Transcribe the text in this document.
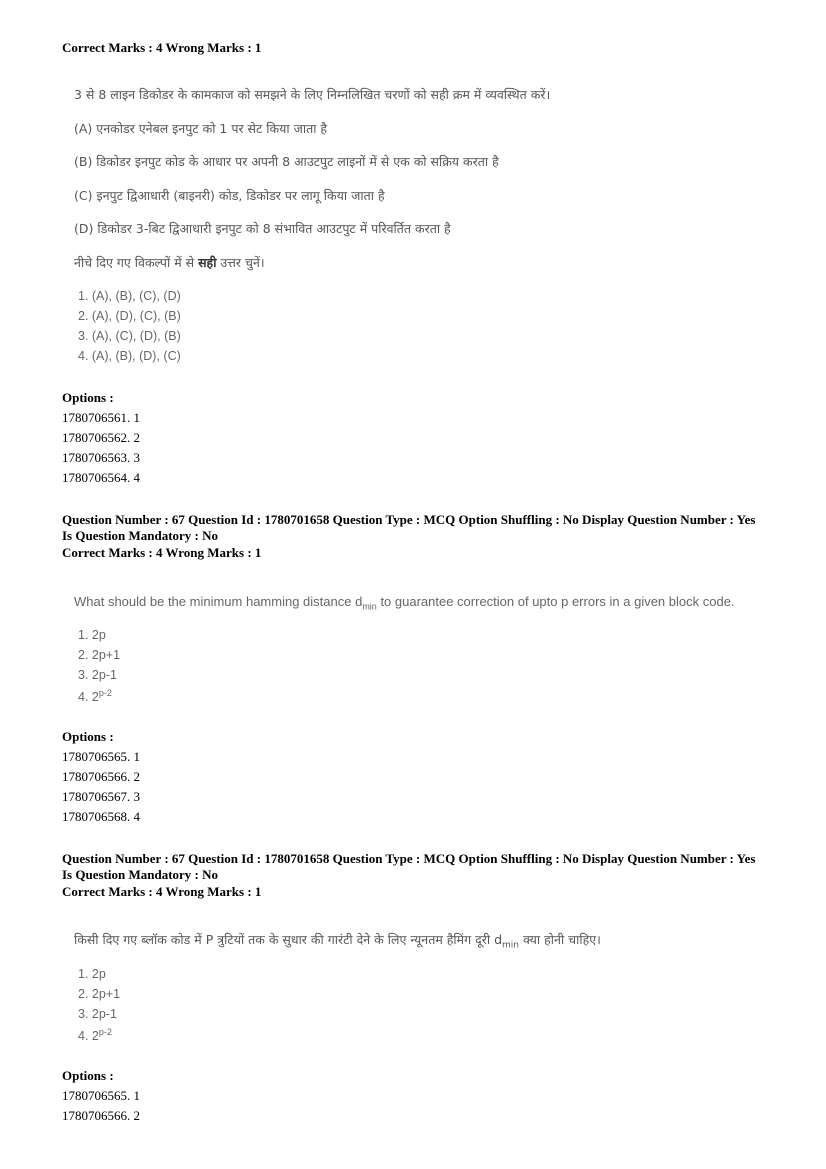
Correct Marks : 4 Wrong Marks : 1
3 से 8 लाइन डिकोडर के कामकाज को समझने के लिए निम्नलिखित चरणों को सही क्रम में व्यवस्थित करें।
(A) एनकोडर एनेबल इनपुट को 1 पर सेट किया जाता है
(B) डिकोडर इनपुट कोड के आधार पर अपनी 8 आउटपुट लाइनों में से एक को सक्रिय करता है
(C) इनपुट द्विआधारी (बाइनरी) कोड, डिकोडर पर लागू किया जाता है
(D) डिकोडर 3-बिट द्विआधारी इनपुट को 8 संभावित आउटपुट में परिवर्तित करता है
नीचे दिए गए विकल्पों में से सही उत्तर चुनें।
1. (A), (B), (C), (D)
2. (A), (D), (C), (B)
3. (A), (C), (D), (B)
4. (A), (B), (D), (C)
Options :
1780706561. 1
1780706562. 2
1780706563. 3
1780706564. 4
Question Number : 67 Question Id : 1780701658 Question Type : MCQ Option Shuffling : No Display Question Number : Yes
Is Question Mandatory : No
Correct Marks : 4 Wrong Marks : 1
What should be the minimum hamming distance $d_{min}$ to guarantee correction of upto p errors in a given block code.
1. 2p
2. 2p+1
3. 2p-1
4. 2$^{p-2}$
Options :
1780706565. 1
1780706566. 2
1780706567. 3
1780706568. 4
Question Number : 67 Question Id : 1780701658 Question Type : MCQ Option Shuffling : No Display Question Number : Yes
Is Question Mandatory : No
Correct Marks : 4 Wrong Marks : 1
किसी दिए गए ब्लॉक कोड में P त्रुटियों तक के सुधार की गारंटी देने के लिए न्यूनतम हैमिंग दूरी $d_{min}$ क्या होनी चाहिए।
1. 2p
2. 2p+1
3. 2p-1
4. 2$^{p-2}$
Options :
1780706565. 1
1780706566. 2
